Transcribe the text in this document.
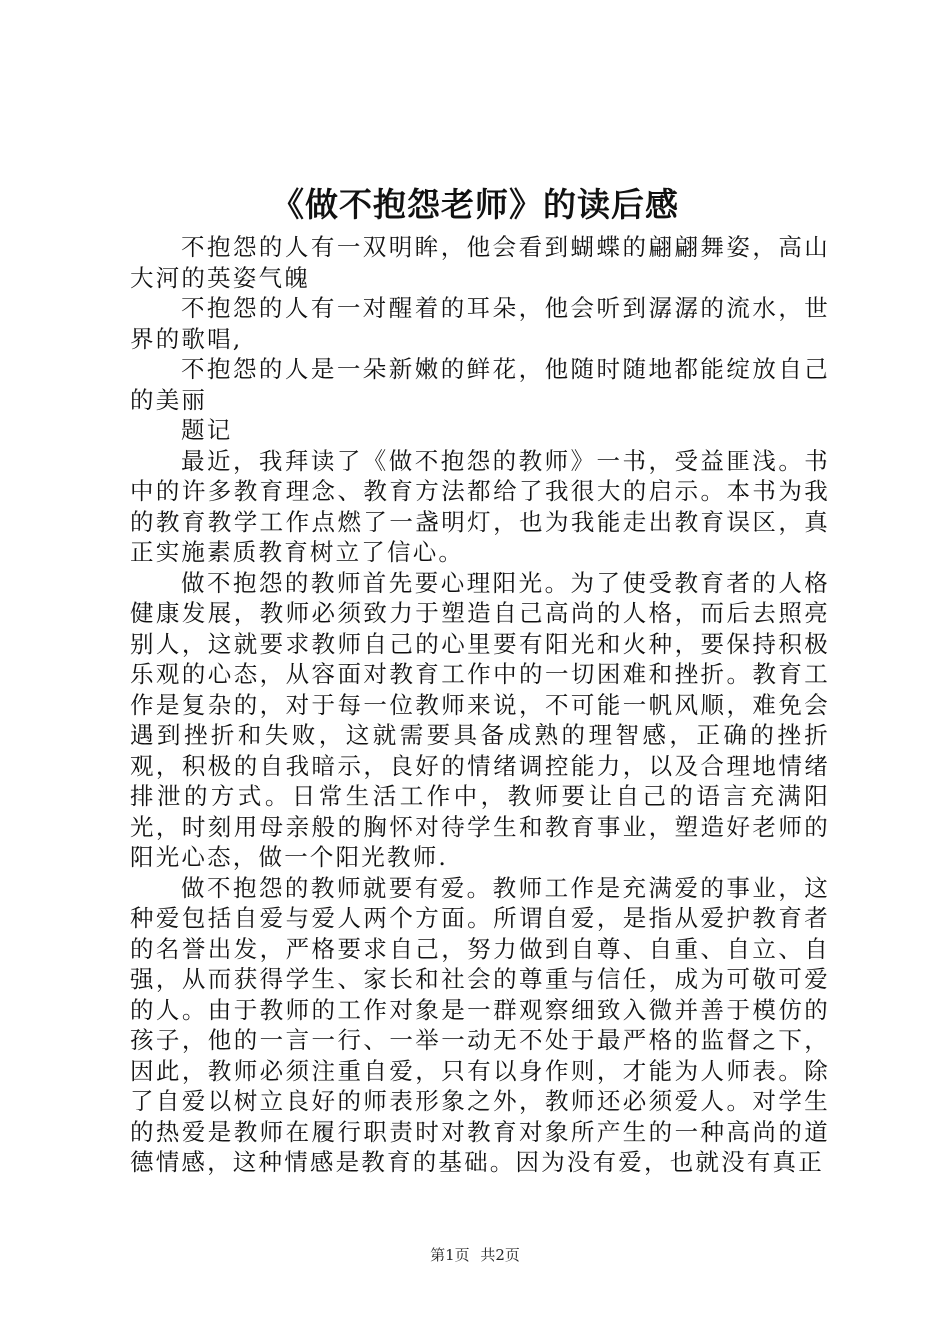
《做不抱怨老师》的读后感

不抱怨的人有一双明眸，他会看到蝴蝶的翩翩舞姿，高山大河的英姿气魄

不抱怨的人有一对醒着的耳朵，他会听到潺潺的流水，世界的歌唱,

不抱怨的人是一朵新嫩的鲜花，他随时随地都能绽放自己的美丽

题记

最近，我拜读了《做不抱怨的教师》一书，受益匪浅。书中的许多教育理念、教育方法都给了我很大的启示。本书为我的教育教学工作点燃了一盏明灯，也为我能走出教育误区，真正实施素质教育树立了信心。

做不抱怨的教师首先要心理阳光。为了使受教育者的人格健康发展，教师必须致力于塑造自己高尚的人格，而后去照亮别人，这就要求教师自己的心里要有阳光和火种，要保持积极乐观的心态，从容面对教育工作中的一切困难和挫折。教育工作是复杂的，对于每一位教师来说，不可能一帆风顺，难免会遇到挫折和失败，这就需要具备成熟的理智感，正确的挫折观，积极的自我暗示，良好的情绪调控能力，以及合理地情绪排泄的方式。日常生活工作中，教师要让自己的语言充满阳光，时刻用母亲般的胸怀对待学生和教育事业，塑造好老师的阳光心态，做一个阳光教师.

做不抱怨的教师就要有爱。教师工作是充满爱的事业，这种爱包括自爱与爱人两个方面。所谓自爱，是指从爱护教育者的名誉出发，严格要求自己，努力做到自尊、自重、自立、自强，从而获得学生、家长和社会的尊重与信任，成为可敬可爱的人。由于教师的工作对象是一群观察细致入微并善于模仿的孩子，他的一言一行、一举一动无不处于最严格的监督之下，因此，教师必须注重自爱，只有以身作则，才能为人师表。除了自爱以树立良好的师表形象之外，教师还必须爱人。对学生的热爱是教师在履行职责时对教育对象所产生的一种高尚的道德情感，这种情感是教育的基础。因为没有爱，也就没有真正

第1页 共2页
